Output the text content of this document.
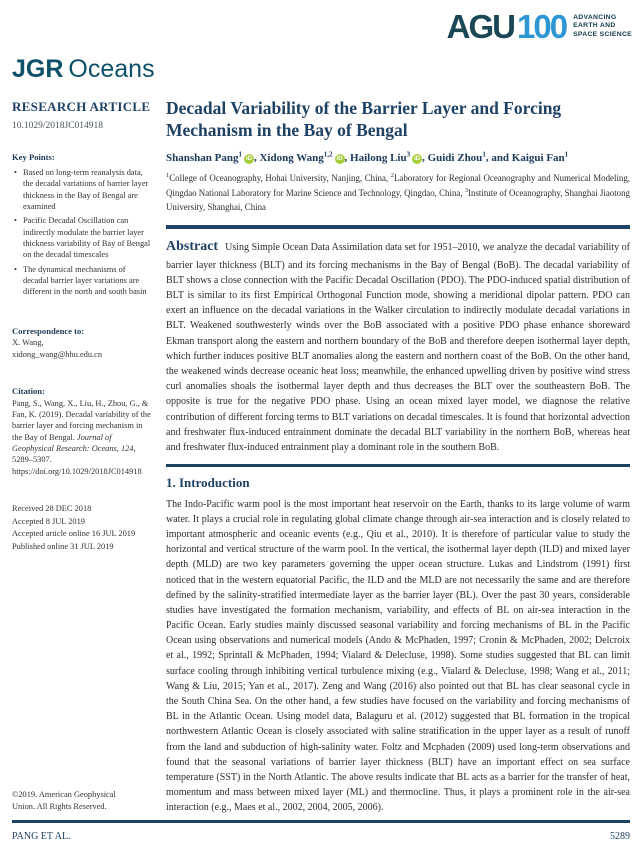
AGU 100 ADVANCING
EARTH AND
SPACE SCIENCE
JGR Oceans
RESEARCH ARTICLE
10.1029/2018JC014918
Key Points:
• Based on long-term reanalysis data, the decadal variations of barrier layer thickness in the Bay of Bengal are examined
• Pacific Decadal Oscillation can indirectly modulate the barrier layer thickness variability of Bay of Bengal on the decadal timescales
• The dynamical mechanisms of decadal barrier layer variations are different in the north and south basin
Correspondence to:
X. Wang,
xidong_wang@hhu.edu.cn
Citation:
Pang, S., Wang, X., Liu, H., Zhou, G., & Fan, K. (2019). Decadal variability of the barrier layer and forcing mechanism in the Bay of Bengal. Journal of Geophysical Research: Oceans, 124, 5289–5307. https://doi.org/10.1029/2018JC014918
Received 28 DEC 2018
Accepted 8 JUL 2019
Accepted article online 16 JUL 2019
Published online 31 JUL 2019
©2019. American Geophysical Union. All Rights Reserved.
Decadal Variability of the Barrier Layer and Forcing Mechanism in the Bay of Bengal
Shanshan Pang$^1$iD , Xidong Wang$^{1,2}$iD , Hailong Liu$^3$iD , Guidi Zhou$^1$, and Kaigui Fan$^1$
$^1$College of Oceanography, Hohai University, Nanjing, China, $^2$Laboratory for Regional Oceanography and Numerical Modeling, Qingdao National Laboratory for Marine Science and Technology, Qingdao, China, $^3$Institute of Oceanography, Shanghai Jiaotong University, Shanghai, China

Abstract Using Simple Ocean Data Assimilation data set for 1951–2010, we analyze the decadal variability of barrier layer thickness (BLT) and its forcing mechanisms in the Bay of Bengal (BoB). The decadal variability of BLT shows a close connection with the Pacific Decadal Oscillation (PDO). The PDO-induced spatial distribution of BLT is similar to its first Empirical Orthogonal Function mode, showing a meridional dipolar pattern. PDO can exert an influence on the decadal variations in the Walker circulation to indirectly modulate decadal variations in BLT. Weakened southwesterly winds over the BoB associated with a positive PDO phase enhance shoreward Ekman transport along the eastern and northern boundary of the BoB and therefore deepen isothermal layer depth, which further induces positive BLT anomalies along the eastern and northern coast of the BoB. On the other hand, the weakened winds decrease oceanic heat loss; meanwhile, the enhanced upwelling driven by positive wind stress curl anomalies shoals the isothermal layer depth and thus decreases the BLT over the southeastern BoB. The opposite is true for the negative PDO phase. Using an ocean mixed layer model, we diagnose the relative contribution of different forcing terms to BLT variations on decadal timescales. It is found that horizontal advection and freshwater flux-induced entrainment dominate the decadal BLT variability in the northern BoB, whereas heat and freshwater flux-induced entrainment play a dominant role in the southern BoB.

1. Introduction

The Indo-Pacific warm pool is the most important heat reservoir on the Earth, thanks to its large volume of warm water. It plays a crucial role in regulating global climate change through air-sea interaction and is closely related to important atmospheric and oceanic events (e.g., Qiu et al., 2010). It is therefore of particular value to study the horizontal and vertical structure of the warm pool. In the vertical, the isothermal layer depth (ILD) and mixed layer depth (MLD) are two key parameters governing the upper ocean structure. Lukas and Lindstrom (1991) first noticed that in the western equatorial Pacific, the ILD and the MLD are not necessarily the same and are therefore defined by the salinity-stratified intermediate layer as the barrier layer (BL). Over the past 30 years, considerable studies have investigated the formation mechanism, variability, and effects of BL on air-sea interaction in the Pacific Ocean. Early studies mainly discussed seasonal variability and forcing mechanisms of BL in the Pacific Ocean using observations and numerical models (Ando & McPhaden, 1997; Cronin & McPhaden, 2002; Delcroix et al., 1992; Sprintall & McPhaden, 1994; Vialard & Delecluse, 1998). Some studies suggested that BL can limit surface cooling through inhibiting vertical turbulence mixing (e.g., Vialard & Delecluse, 1998; Wang et al., 2011; Wang & Liu, 2015; Yan et al., 2017). Zeng and Wang (2016) also pointed out that BL has clear seasonal cycle in the South China Sea. On the other hand, a few studies have focused on the variability and forcing mechanisms of BL in the Atlantic Ocean. Using model data, Balaguru et al. (2012) suggested that BL formation in the tropical northwestern Atlantic Ocean is closely associated with saline stratification in the upper layer as a result of runoff from the land and subduction of high-salinity water. Foltz and Mcphaden (2009) used long-term observations and found that the seasonal variations of barrier layer thickness (BLT) have an important effect on sea surface temperature (SST) in the North Atlantic. The above results indicate that BL acts as a barrier for the transfer of heat, momentum and mass between mixed layer (ML) and thermocline. Thus, it plays a prominent role in the air-sea interaction (e.g., Maes et al., 2002, 2004, 2005, 2006).

PANG ET AL.	5289
